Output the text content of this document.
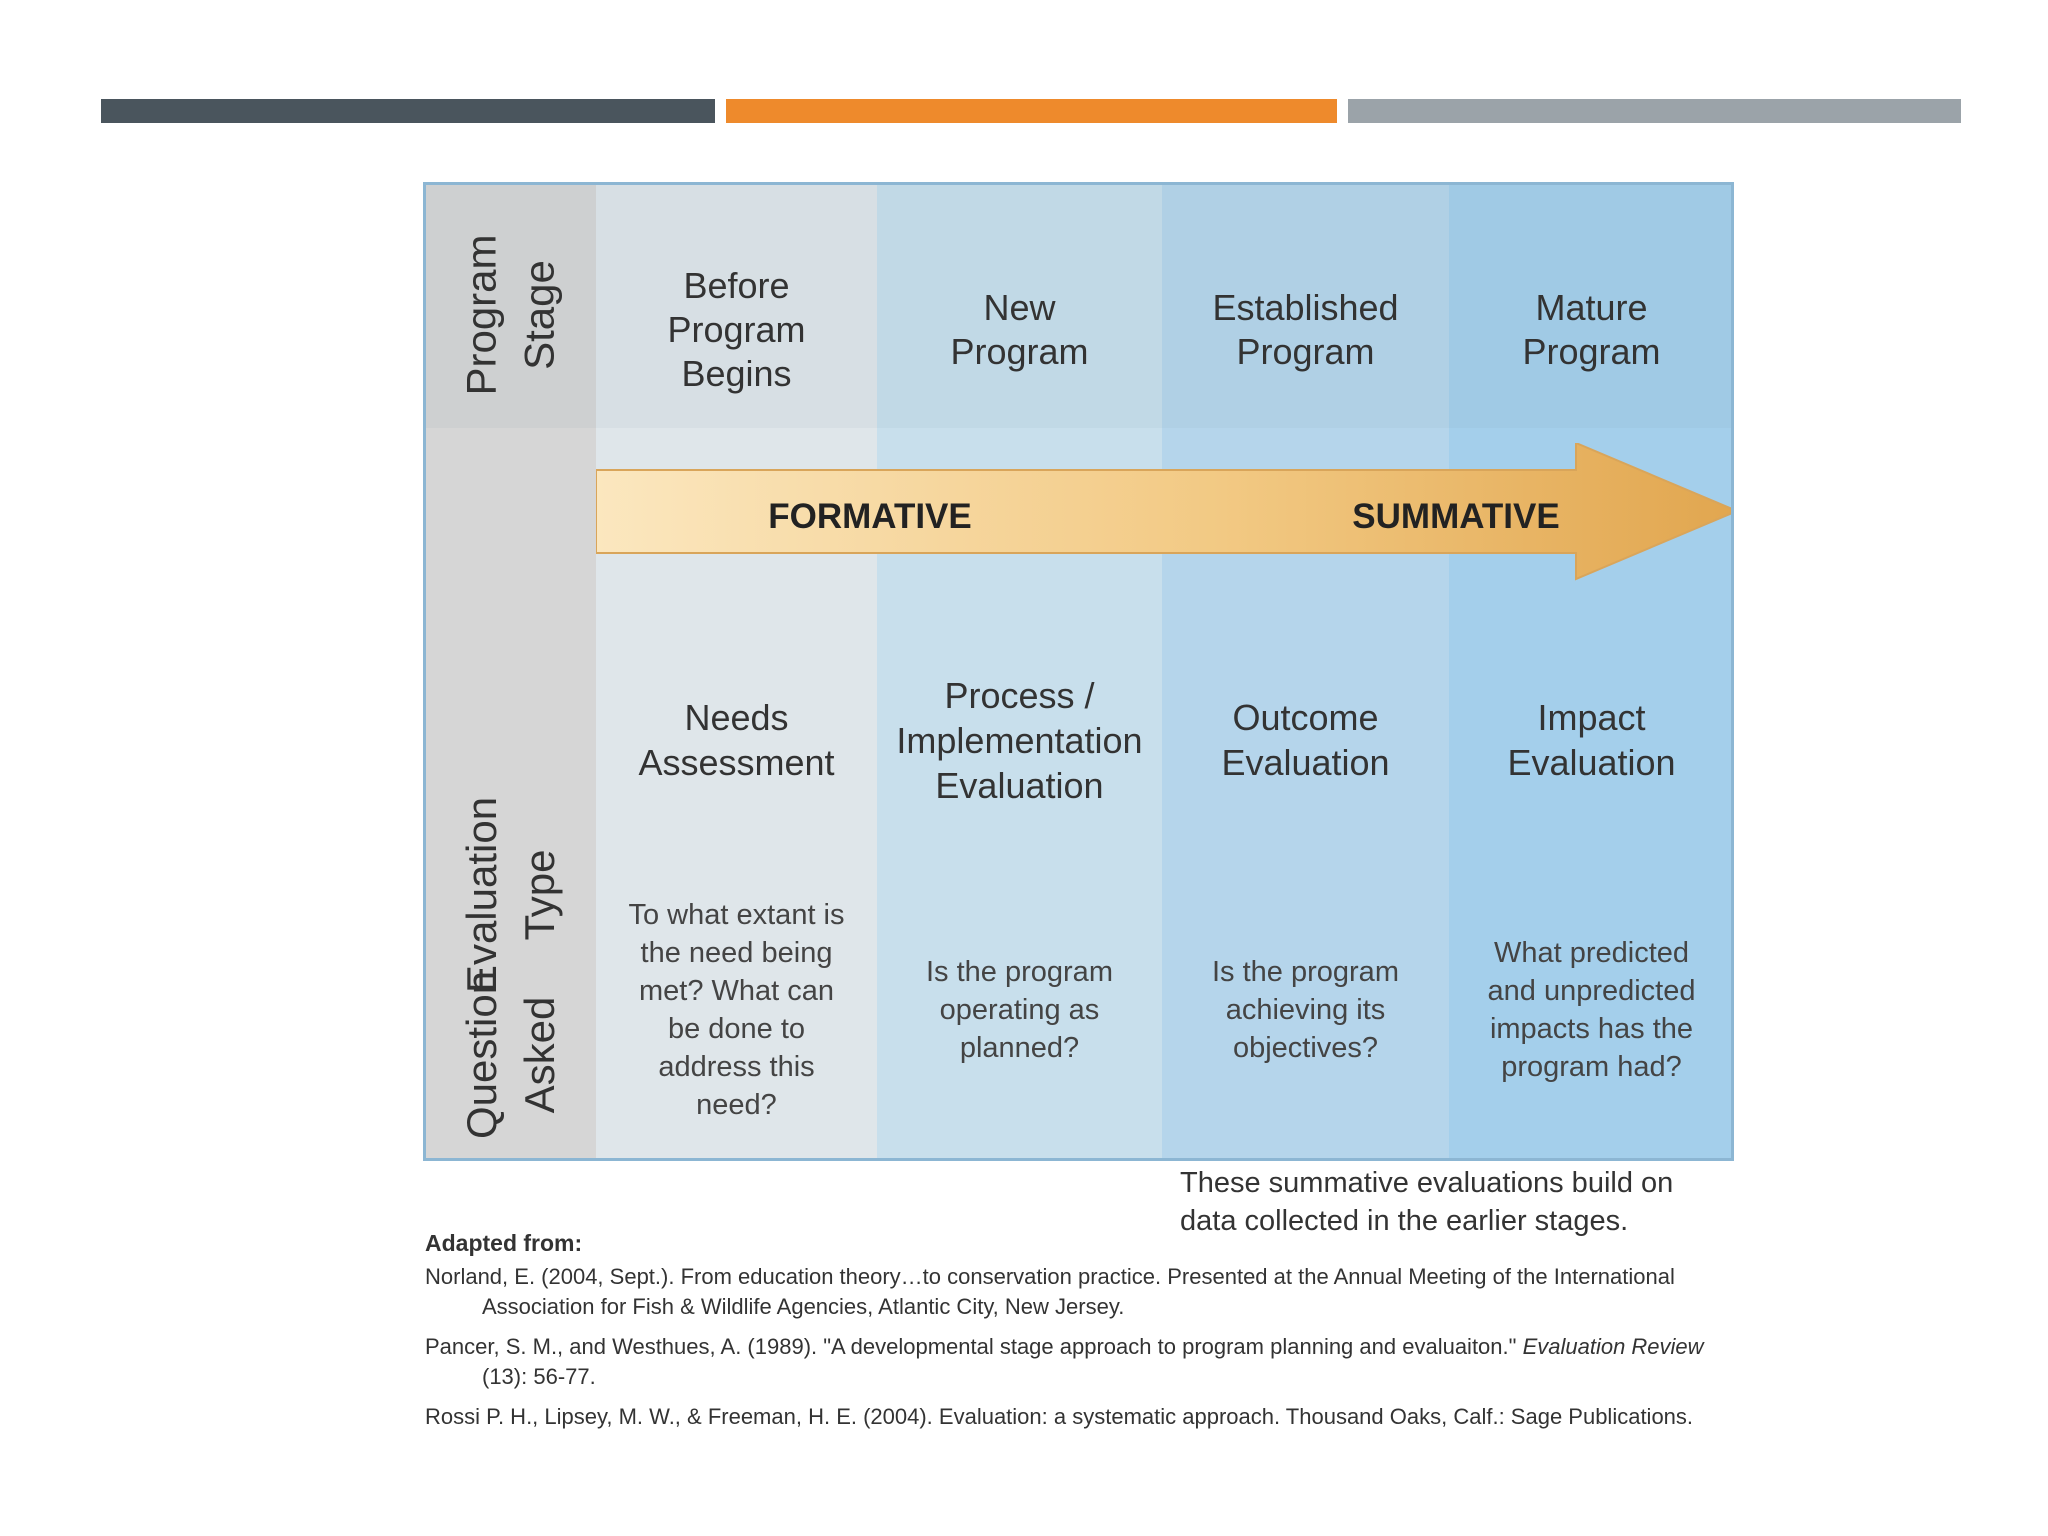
Program
Stage
Evaluation
Type
Question
Asked
Before
Program
Begins
New
Program
Established
Program
Mature
Program
FORMATIVE	SUMMATIVE
Needs
Assessment
Process /
Implementation
Evaluation
Outcome
Evaluation
Impact
Evaluation
To what extant is
the need being
met? What can
be done to
address this
need?
Is the program
operating as
planned?
Is the program
achieving its
objectives?
What predicted
and unpredicted
impacts has the
program had?
These summative evaluations build on
data collected in the earlier stages.
Adapted from:
Norland, E. (2004, Sept.). From education theory…to conservation practice. Presented at the Annual Meeting of the International Association for Fish & Wildlife Agencies, Atlantic City, New Jersey.
Pancer, S. M., and Westhues, A. (1989). "A developmental stage approach to program planning and evaluaiton." Evaluation Review (13): 56-77.
Rossi P. H., Lipsey, M. W., & Freeman, H. E. (2004). Evaluation: a systematic approach. Thousand Oaks, Calf.: Sage Publications.
